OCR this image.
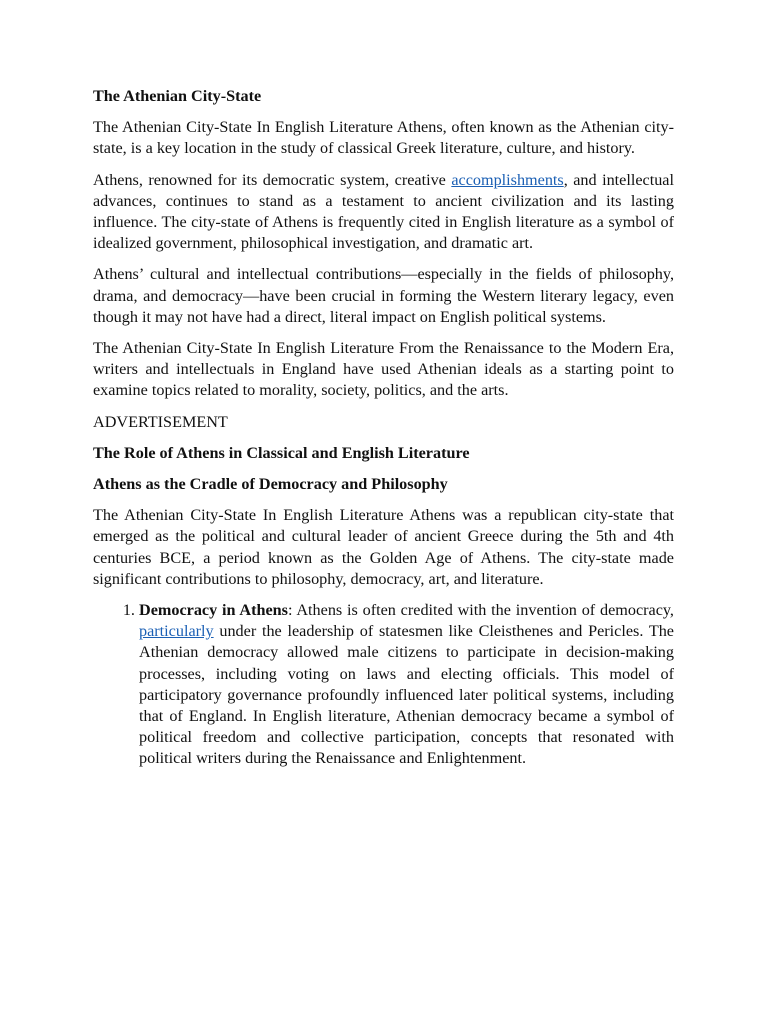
The Athenian City-State

The Athenian City-State In English Literature Athens, often known as the Athenian city-state, is a key location in the study of classical Greek literature, culture, and history.

Athens, renowned for its democratic system, creative accomplishments, and intellectual advances, continues to stand as a testament to ancient civilization and its lasting influence. The city-state of Athens is frequently cited in English literature as a symbol of idealized government, philosophical investigation, and dramatic art.

Athens’ cultural and intellectual contributions—especially in the fields of philosophy, drama, and democracy—have been crucial in forming the Western literary legacy, even though it may not have had a direct, literal impact on English political systems.

The Athenian City-State In English Literature From the Renaissance to the Modern Era, writers and intellectuals in England have used Athenian ideals as a starting point to examine topics related to morality, society, politics, and the arts.

ADVERTISEMENT

The Role of Athens in Classical and English Literature

Athens as the Cradle of Democracy and Philosophy

The Athenian City-State In English Literature Athens was a republican city-state that emerged as the political and cultural leader of ancient Greece during the 5th and 4th centuries BCE, a period known as the Golden Age of Athens. The city-state made significant contributions to philosophy, democracy, art, and literature.

1. Democracy in Athens: Athens is often credited with the invention of democracy, particularly under the leadership of statesmen like Cleisthenes and Pericles. The Athenian democracy allowed male citizens to participate in decision-making processes, including voting on laws and electing officials. This model of participatory governance profoundly influenced later political systems, including that of England. In English literature, Athenian democracy became a symbol of political freedom and collective participation, concepts that resonated with political writers during the Renaissance and Enlightenment.
